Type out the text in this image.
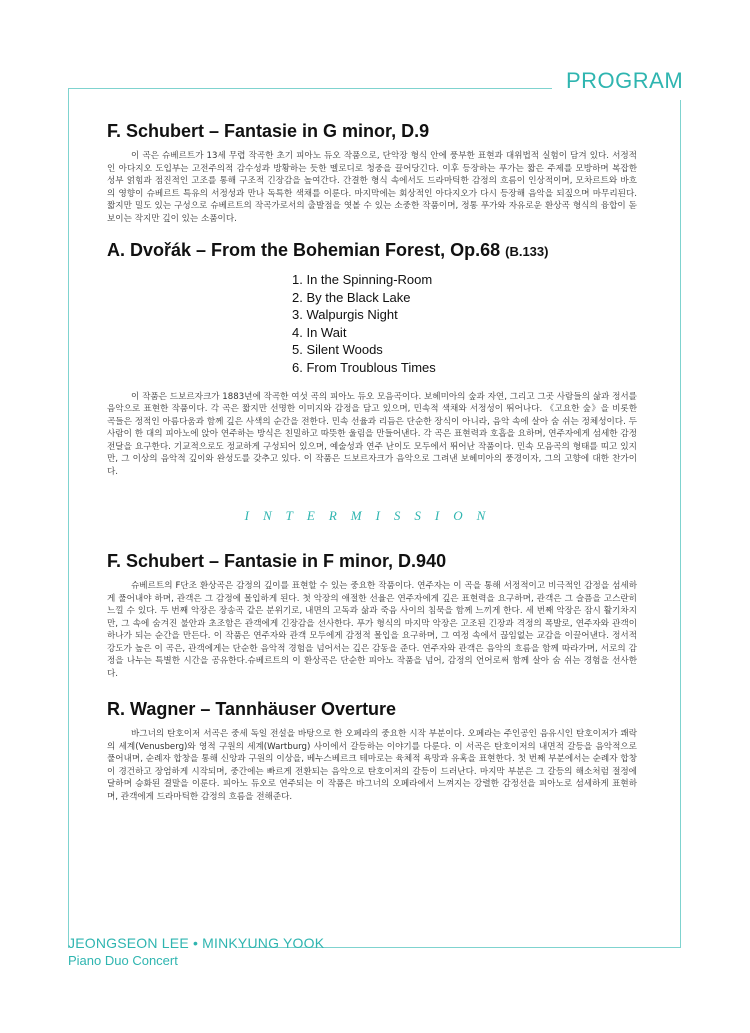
PROGRAM
F. Schubert – Fantasie in G minor, D.9

이 곡은 슈베르트가 13세 무렵 작곡한 초기 피아노 듀오 작품으로, 단악장 형식 안에 풍부한 표현과 대위법적 실험이 담겨 있다. 서정적인 아다지오 도입부는 고전주의적 감수성과 방황하는 듯한 멜로디로 청중을 끌어당긴다. 이후 등장하는 푸가는 짧은 주제를 모방하며 복잡한 성부 얽힘과 점진적인 고조를 통해 구조적 긴장감을 높여간다. 간결한 형식 속에서도 드라마틱한 감정의 흐름이 인상적이며, 모차르트와 바흐의 영향이 슈베르트 특유의 서정성과 만나 독특한 색채를 이룬다. 마지막에는 회상적인 아다지오가 다시 등장해 음악을 되짚으며 마무리된다. 짧지만 밀도 있는 구성으로 슈베르트의 작곡가로서의 출발점을 엿볼 수 있는 소중한 작품이며, 정통 푸가와 자유로운 환상곡 형식의 융합이 돋보이는 작지만 깊이 있는 소품이다.

A. Dvořák – From the Bohemian Forest, Op.68 (B.133)
1. In the Spinning-Room
2. By the Black Lake
3. Walpurgis Night
4. In Wait
5. Silent Woods
6. From Troublous Times

이 작품은 드보르자크가 1883년에 작곡한 여섯 곡의 피아노 듀오 모음곡이다. 보헤미아의 숲과 자연, 그리고 그곳 사람들의 삶과 정서를 음악으로 표현한 작품이다. 각 곡은 짧지만 선명한 이미지와 감정을 담고 있으며, 민속적 색채와 서정성이 뛰어나다. 《고요한 숲》을 비롯한 곡들은 정적인 아름다움과 함께 깊은 사색의 순간을 전한다. 민속 선율과 리듬은 단순한 장식이 아니라, 음악 속에 살아 숨 쉬는 정체성이다. 두 사람이 한 대의 피아노에 앉아 연주하는 방식은 친밀하고 따뜻한 울림을 만들어낸다. 각 곡은 표현력과 호흡을 요하며, 연주자에게 섬세한 감정 전달을 요구한다. 기교적으로도 정교하게 구성되어 있으며, 예술성과 연주 난이도 모두에서 뛰어난 작품이다. 민속 모음곡의 형태를 띠고 있지만, 그 이상의 음악적 깊이와 완성도를 갖추고 있다. 이 작품은 드보르자크가 음악으로 그려낸 보헤미아의 풍경이자, 그의 고향에 대한 찬가이다.

INTERMISSION
F. Schubert – Fantasie in F minor, D.940

슈베르트의 F단조 환상곡은 감정의 깊이를 표현할 수 있는 중요한 작품이다. 연주자는 이 곡을 통해 서정적이고 비극적인 감정을 섬세하게 풀어내야 하며, 관객은 그 감정에 몰입하게 된다. 첫 악장의 애절한 선율은 연주자에게 깊은 표현력을 요구하며, 관객은 그 슬픔을 고스란히 느낄 수 있다. 두 번째 악장은 장송곡 같은 분위기로, 내면의 고독과 삶과 죽음 사이의 침묵을 함께 느끼게 한다. 세 번째 악장은 잠시 활기차지만, 그 속에 숨겨진 불안과 초조함은 관객에게 긴장감을 선사한다. 푸가 형식의 마지막 악장은 고조된 긴장과 격정의 폭발로, 연주자와 관객이 하나가 되는 순간을 만든다. 이 작품은 연주자와 관객 모두에게 감정적 몰입을 요구하며, 그 여정 속에서 끊임없는 교감을 이끌어낸다. 정서적 강도가 높은 이 곡은, 관객에게는 단순한 음악적 경험을 넘어서는 깊은 감동을 준다. 연주자와 관객은 음악의 흐름을 함께 따라가며, 서로의 감정을 나누는 특별한 시간을 공유한다.슈베르트의 이 환상곡은 단순한 피아노 작품을 넘어, 감정의 언어로써 함께 살아 숨 쉬는 경험을 선사한다.

R. Wagner – Tannhäuser Overture

바그너의 탄호이저 서곡은 중세 독일 전설을 바탕으로 한 오페라의 중요한 시작 부분이다. 오페라는 주인공인 음유시인 탄호이저가 쾌락의 세계(Venusberg)와 영적 구원의 세계(Wartburg) 사이에서 갈등하는 이야기를 다룬다. 이 서곡은 탄호이저의 내면적 갈등을 음악적으로 풀어내며, 순례자 합창을 통해 신앙과 구원의 이상을, 베누스베르크 테마로는 육체적 욕망과 유혹을 표현한다. 첫 번째 부분에서는 순례자 합창이 경건하고 장엄하게 시작되며, 중간에는 빠르게 전환되는 음악으로 탄호이저의 갈등이 드러난다. 마지막 부분은 그 갈등의 해소처럼 절정에 달하며 승화된 결말을 이룬다. 피아노 듀오로 연주되는 이 작품은 바그너의 오페라에서 느껴지는 강렬한 감정선을 피아노로 섬세하게 표현하며, 관객에게 드라마틱한 감정의 흐름을 전해준다.

JEONGSEON LEE • MINKYUNG YOOK
Piano Duo Concert
